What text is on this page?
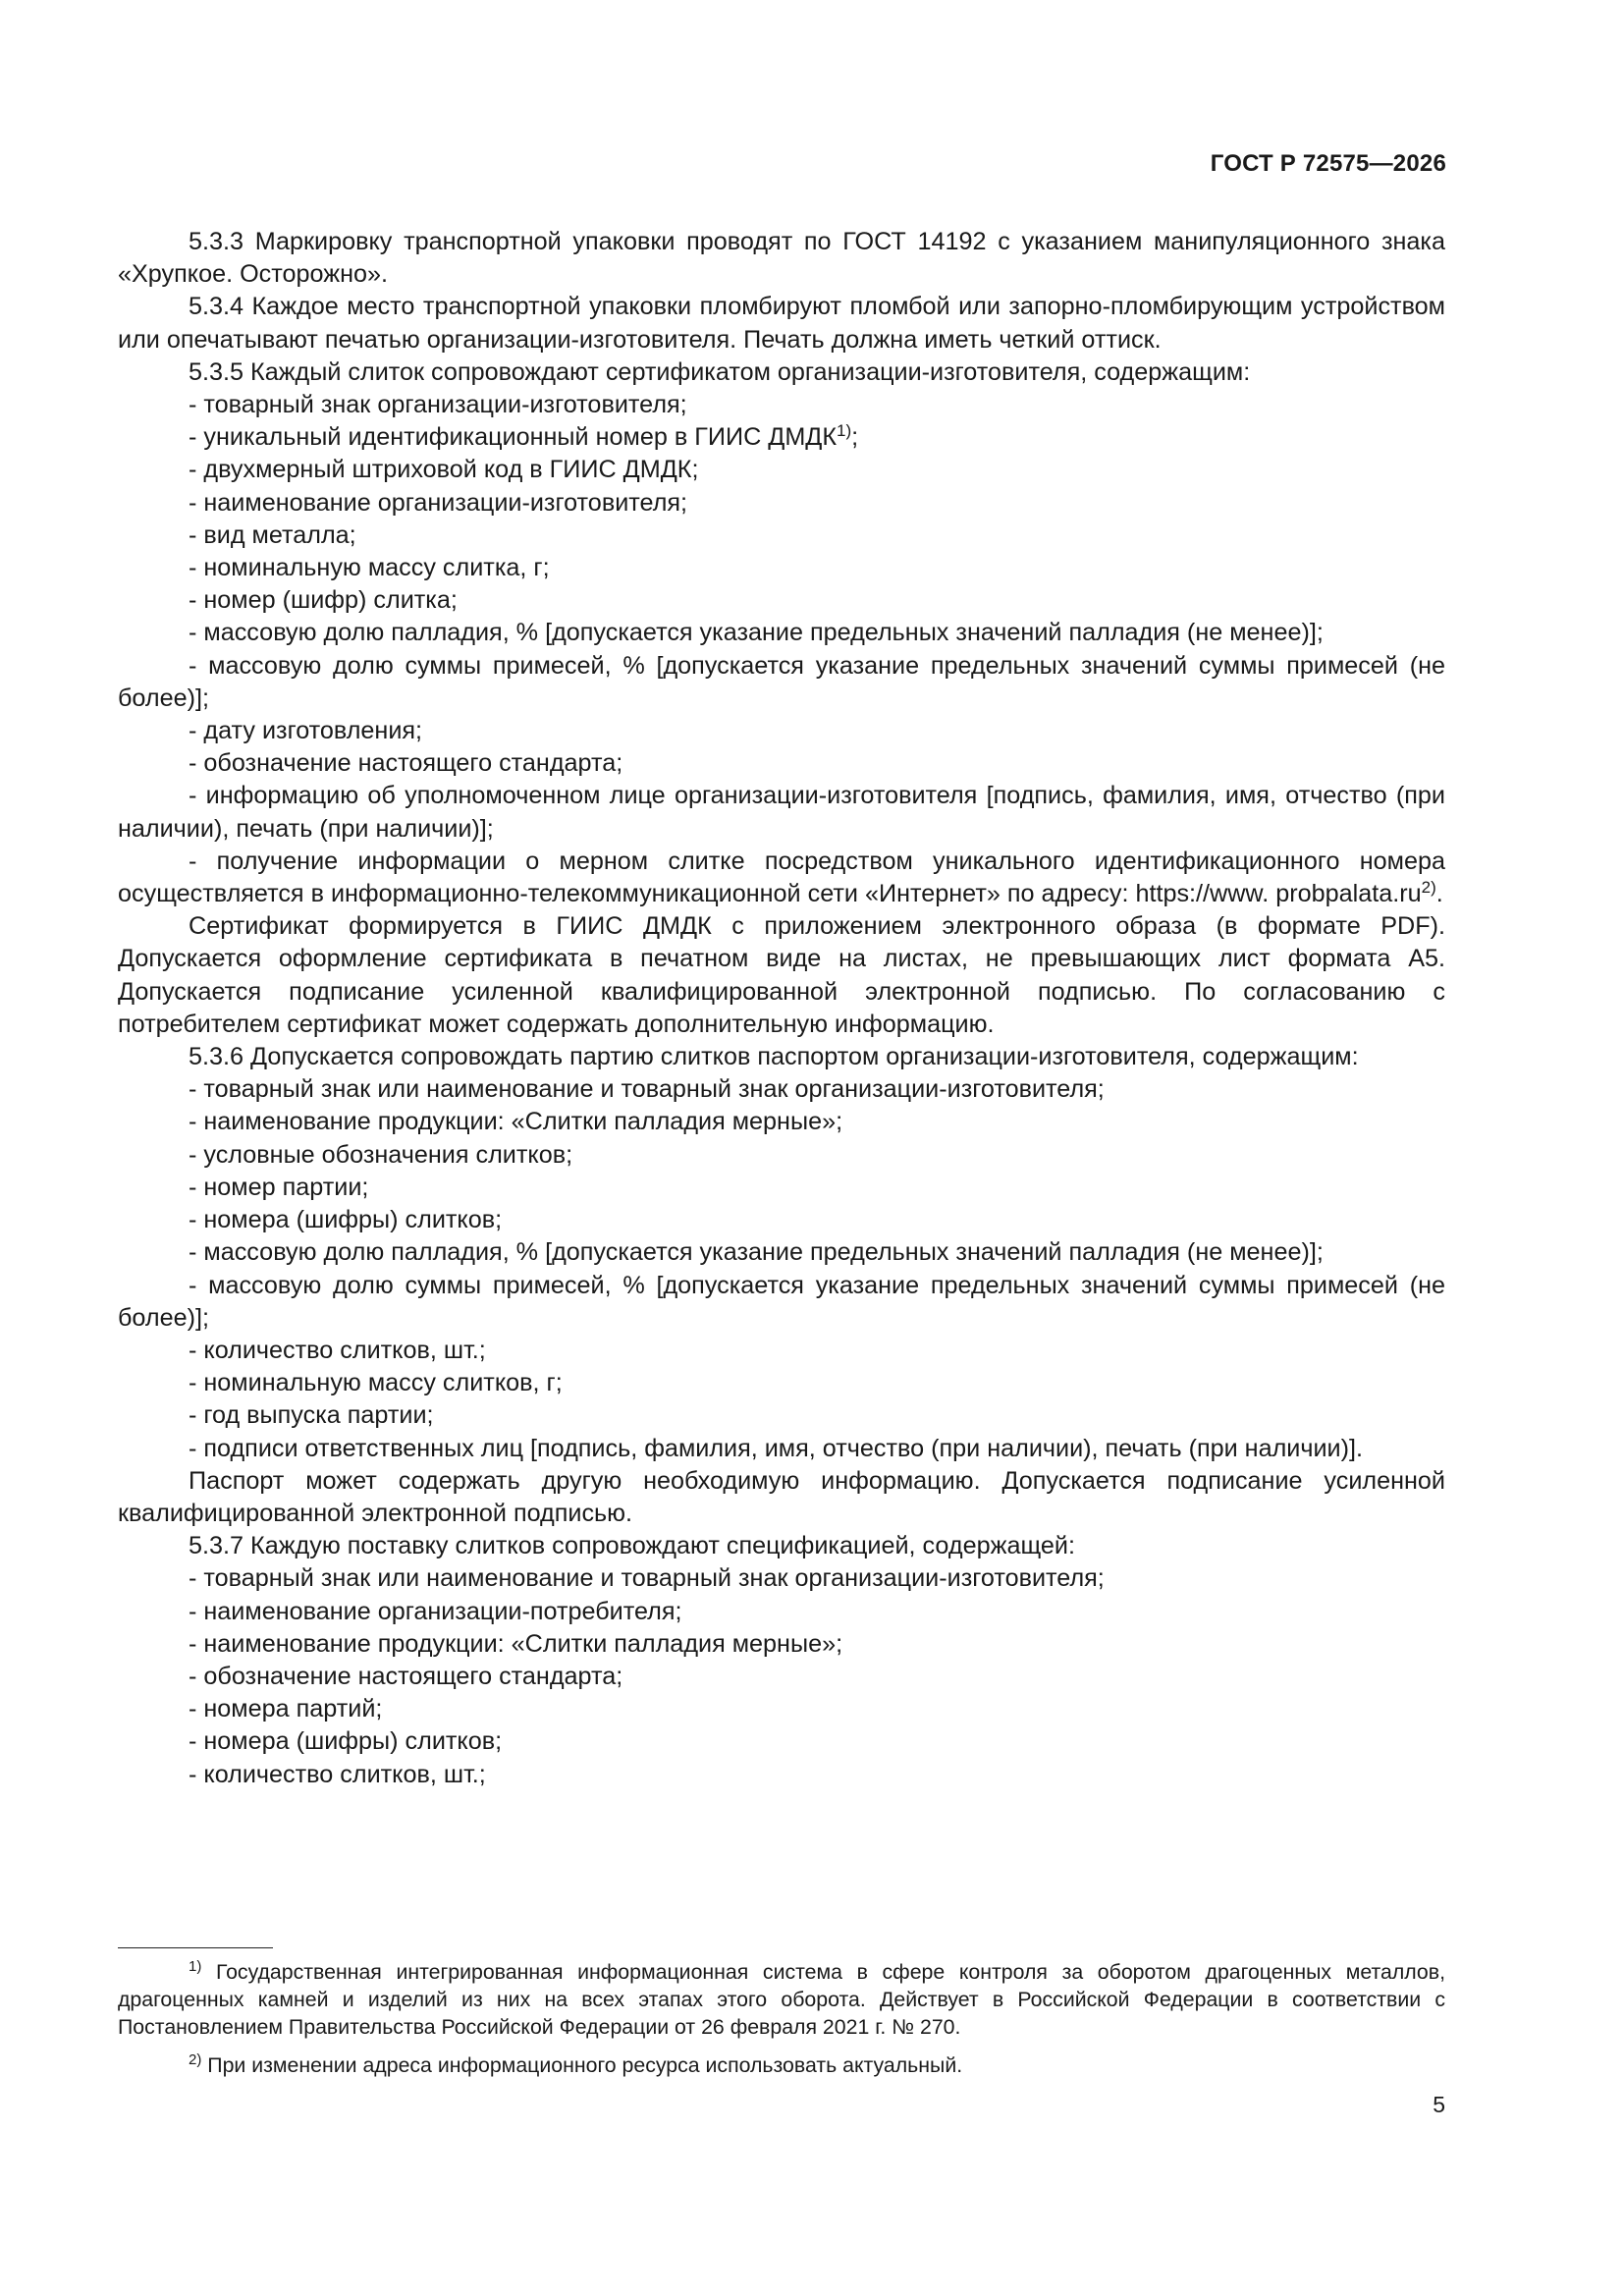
ГОСТ Р 72575—2026

5.3.3 Маркировку транспортной упаковки проводят по ГОСТ 14192 с указанием манипуляционного знака «Хрупкое. Осторожно».

5.3.4 Каждое место транспортной упаковки пломбируют пломбой или запорно-пломбирующим устройством или опечатывают печатью организации-изготовителя. Печать должна иметь четкий оттиск.

5.3.5 Каждый слиток сопровождают сертификатом организации-изготовителя, содержащим:

- товарный знак организации-изготовителя;

- уникальный идентификационный номер в ГИИС ДМДК$^{1)}$;

- двухмерный штриховой код в ГИИС ДМДК;

- наименование организации-изготовителя;

- вид металла;

- номинальную массу слитка, г;

- номер (шифр) слитка;

- массовую долю палладия, % [допускается указание предельных значений палладия (не менее)];

- массовую долю суммы примесей, % [допускается указание предельных значений суммы примесей (не более)];

- дату изготовления;

- обозначение настоящего стандарта;

- информацию об уполномоченном лице организации-изготовителя [подпись, фамилия, имя, отчество (при наличии), печать (при наличии)];

- получение информации о мерном слитке посредством уникального идентификационного номера осуществляется в информационно-телекоммуникационной сети «Интернет» по адресу: https://www. $probpalata.ru^{2)}$.

Сертификат формируется в ГИИС ДМДК с приложением электронного образа (в формате PDF). Допускается оформление сертификата в печатном виде на листах, не превышающих лист формата А5. Допускается подписание усиленной квалифицированной электронной подписью. По согласованию с потребителем сертификат может содержать дополнительную информацию.

5.3.6 Допускается сопровождать партию слитков паспортом организации-изготовителя, содержащим:

- товарный знак или наименование и товарный знак организации-изготовителя;

- наименование продукции: «Слитки палладия мерные»;

- условные обозначения слитков;

- номер партии;

- номера (шифры) слитков;

- массовую долю палладия, % [допускается указание предельных значений палладия (не менее)];

- массовую долю суммы примесей, % [допускается указание предельных значений суммы примесей (не более)];

- количество слитков, шт.;

- номинальную массу слитков, г;

- год выпуска партии;

- подписи ответственных лиц [подпись, фамилия, имя, отчество (при наличии), печать (при наличии)].

Паспорт может содержать другую необходимую информацию. Допускается подписание усиленной квалифицированной электронной подписью.

5.3.7 Каждую поставку слитков сопровождают спецификацией, содержащей:

- товарный знак или наименование и товарный знак организации-изготовителя;

- наименование организации-потребителя;

- наименование продукции: «Слитки палладия мерные»;

- обозначение настоящего стандарта;

- номера партий;

- номера (шифры) слитков;

- количество слитков, шт.;

$^{1)}$ Государственная интегрированная информационная система в сфере контроля за оборотом драгоценных металлов, драгоценных камней и изделий из них на всех этапах этого оборота. Действует в Российской Федерации в соответствии с Постановлением Правительства Российской Федерации от 26 февраля 2021 г. № 270.

$^{2)}$ При изменении адреса информационного ресурса использовать актуальный.

5
